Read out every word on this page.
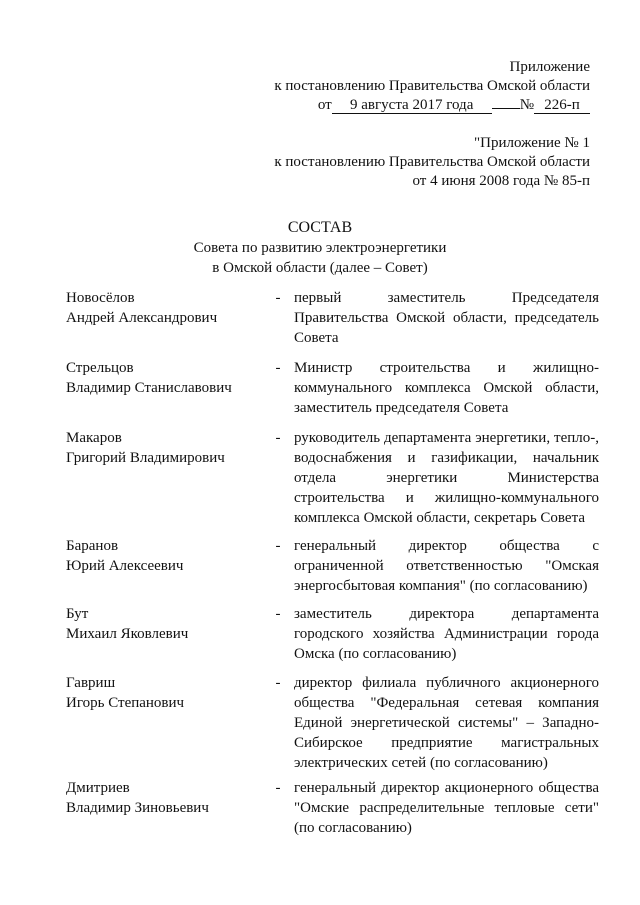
Приложение
к постановлению Правительства Омской области
от 9 августа 2017 года	№ 226-п
"Приложение № 1
к постановлению Правительства Омской области
от 4 июня 2008 года № 85-п
СОСТАВ
Совета по развитию электроэнергетики
в Омской области (далее – Совет)
Новосёлов
Андрей Александрович
- первый заместитель Председателя Правительства Омской области, председатель Совета
Стрельцов
Владимир Станиславович
- Министр строительства и жилищно-коммунального комплекса Омской области, заместитель председателя Совета
Макаров
Григорий Владимирович
- руководитель департамента энергетики, тепло-, водоснабжения и газификации, начальник отдела энергетики Министерства строительства и жилищно-коммунального комплекса Омской области, секретарь Совета
Баранов
Юрий Алексеевич
- генеральный директор общества с ограниченной ответственностью "Омская энергосбытовая компания" (по согласованию)
Бут
Михаил Яковлевич
- заместитель директора департамента городского хозяйства Администрации города Омска (по согласованию)
Гавриш
Игорь Степанович
- директор филиала публичного акционерного общества "Федеральная сетевая компания Единой энергетической системы" – Западно-Сибирское предприятие магистральных электрических сетей (по согласованию)
Дмитриев
Владимир Зиновьевич
- генеральный директор акционерного общества "Омские распределительные тепловые сети" (по согласованию)
